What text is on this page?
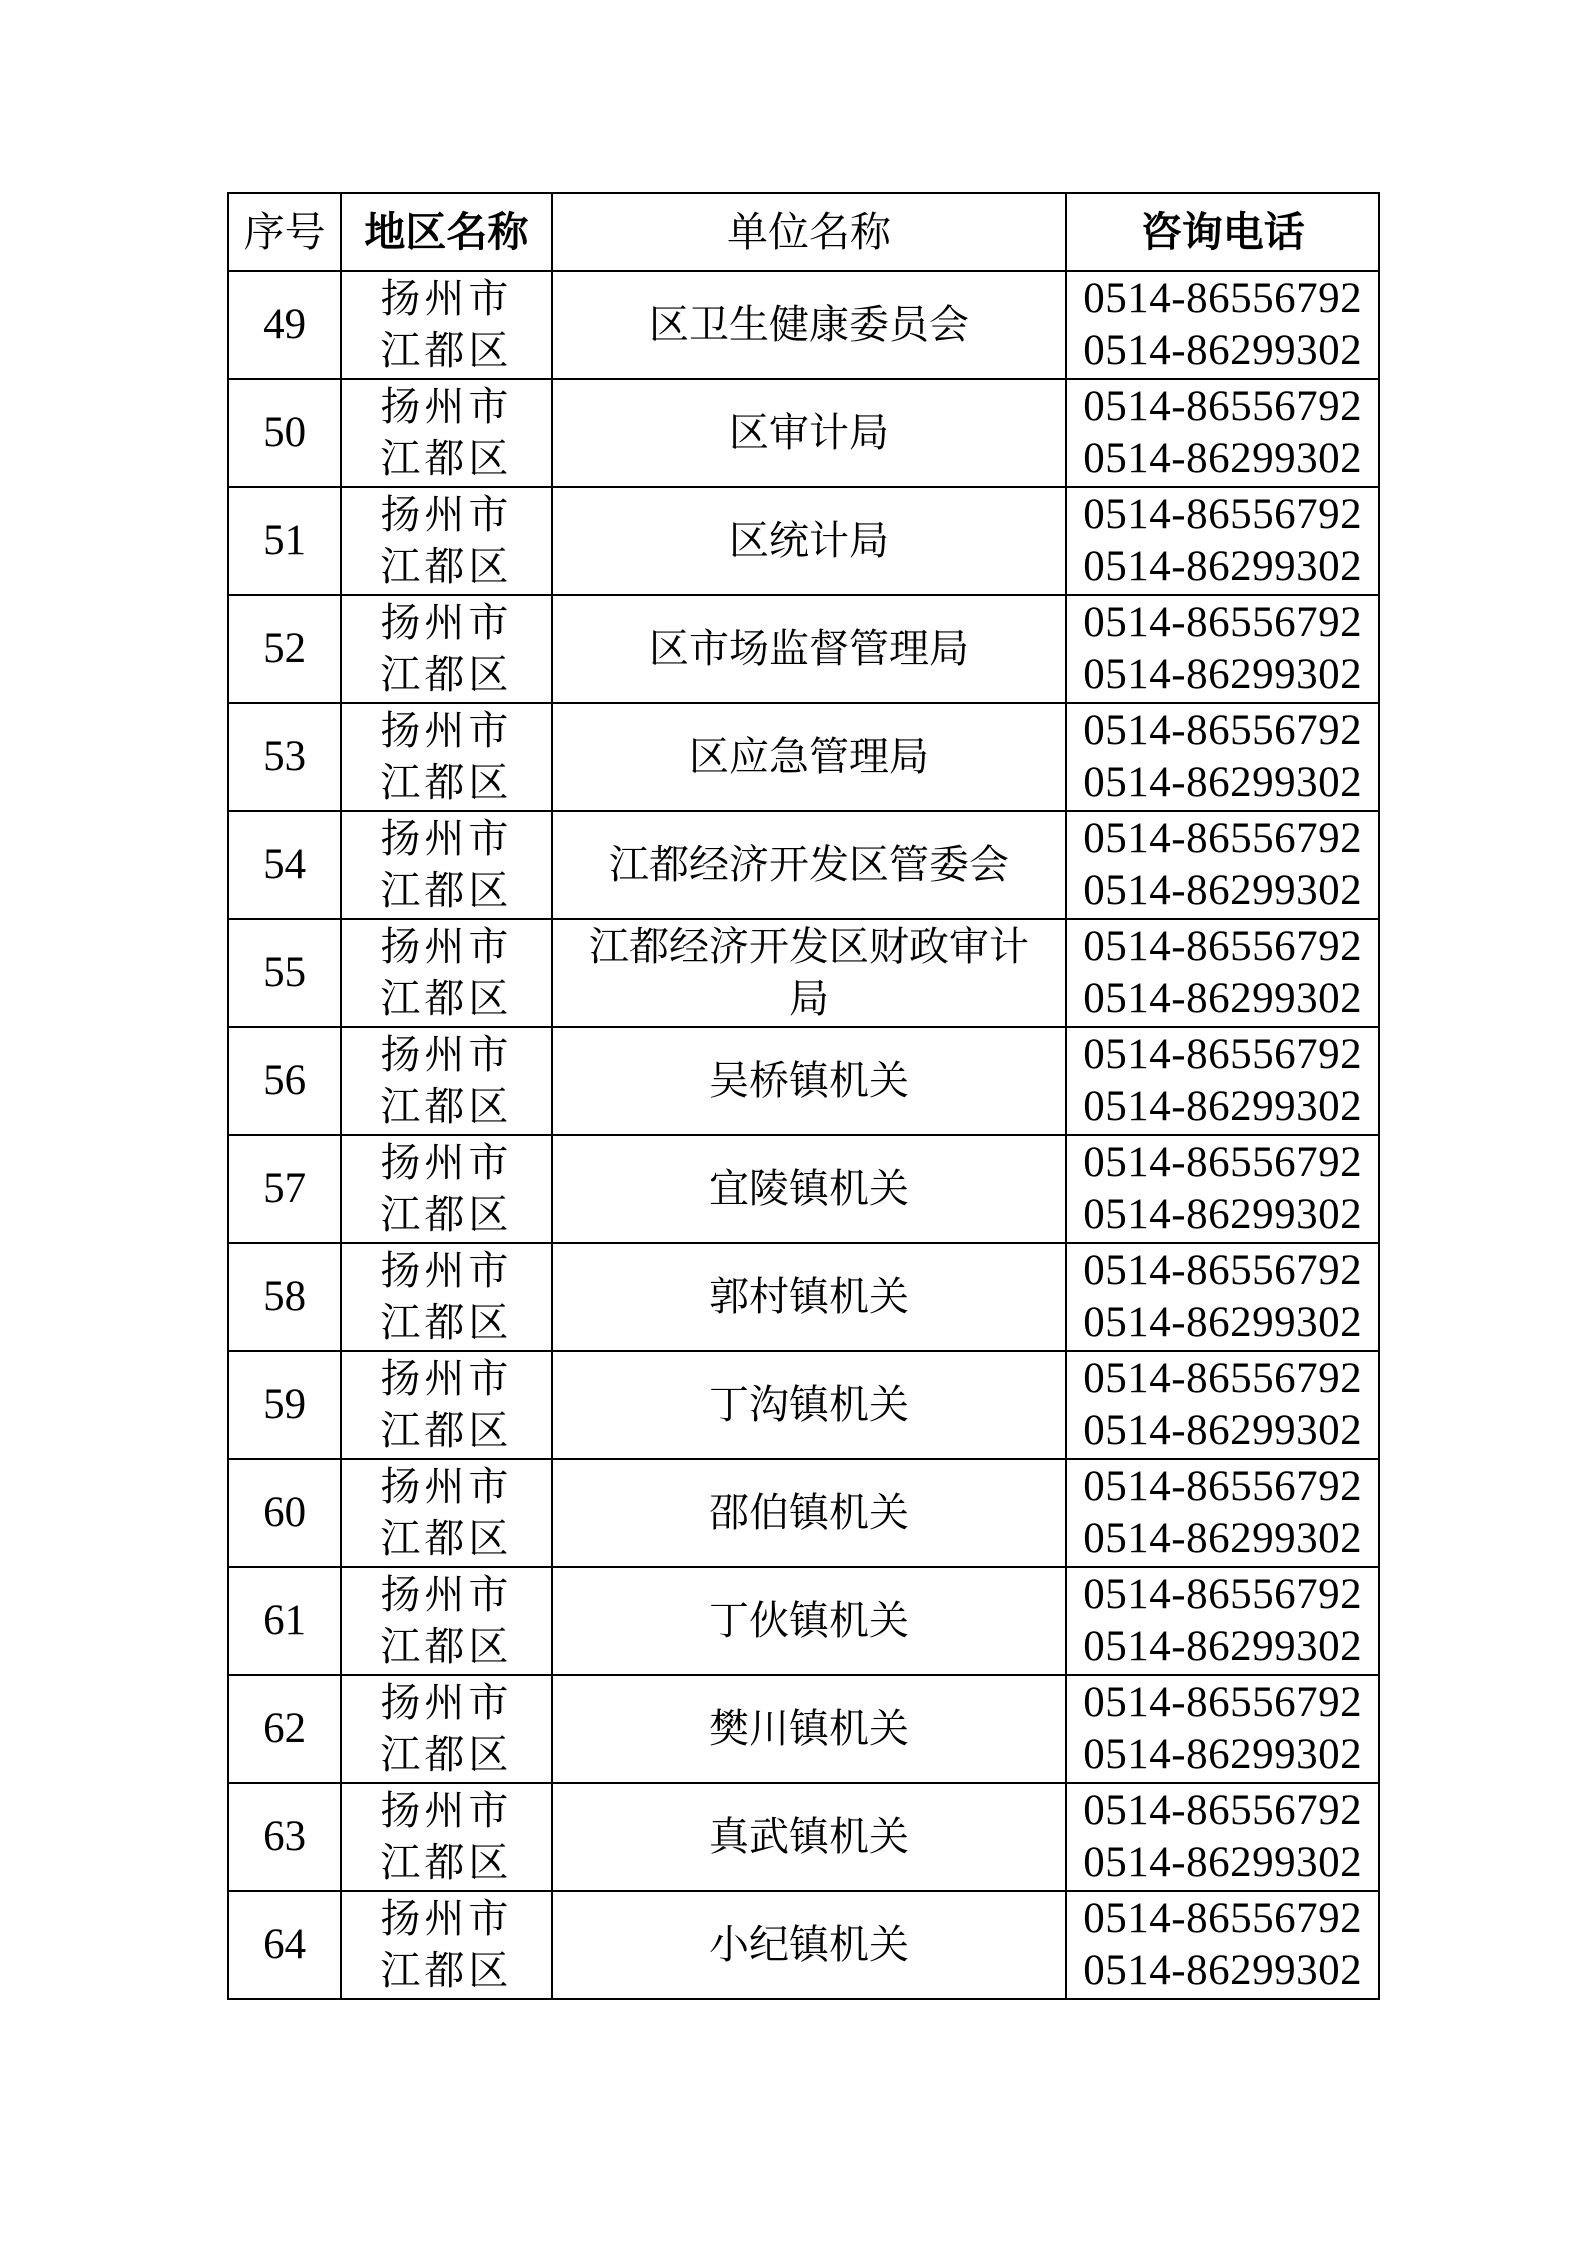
序号	地区名称	单位名称	咨询电话
49	扬州市
江都区	区卫生健康委员会	0514-86556792
0514-86299302

50	扬州市
江都区	区审计局	0514-86556792
0514-86299302

51	扬州市
江都区	区统计局	0514-86556792
0514-86299302

52	扬州市
江都区	区市场监督管理局	0514-86556792
0514-86299302

53	扬州市
江都区	区应急管理局	0514-86556792
0514-86299302

54	扬州市
江都区	江都经济开发区管委会	0514-86556792
0514-86299302

55	扬州市
江都区	江都经济开发区财政审计
局	0514-86556792
0514-86299302

56	扬州市
江都区	吴桥镇机关	0514-86556792
0514-86299302

57	扬州市
江都区	宜陵镇机关	0514-86556792
0514-86299302

58	扬州市
江都区	郭村镇机关	0514-86556792
0514-86299302

59	扬州市
江都区	丁沟镇机关	0514-86556792
0514-86299302

60	扬州市
江都区	邵伯镇机关	0514-86556792
0514-86299302

61	扬州市
江都区	丁伙镇机关	0514-86556792
0514-86299302

62	扬州市
江都区	樊川镇机关	0514-86556792
0514-86299302

63	扬州市
江都区	真武镇机关	0514-86556792
0514-86299302

64	扬州市
江都区	小纪镇机关	0514-86556792
0514-86299302
